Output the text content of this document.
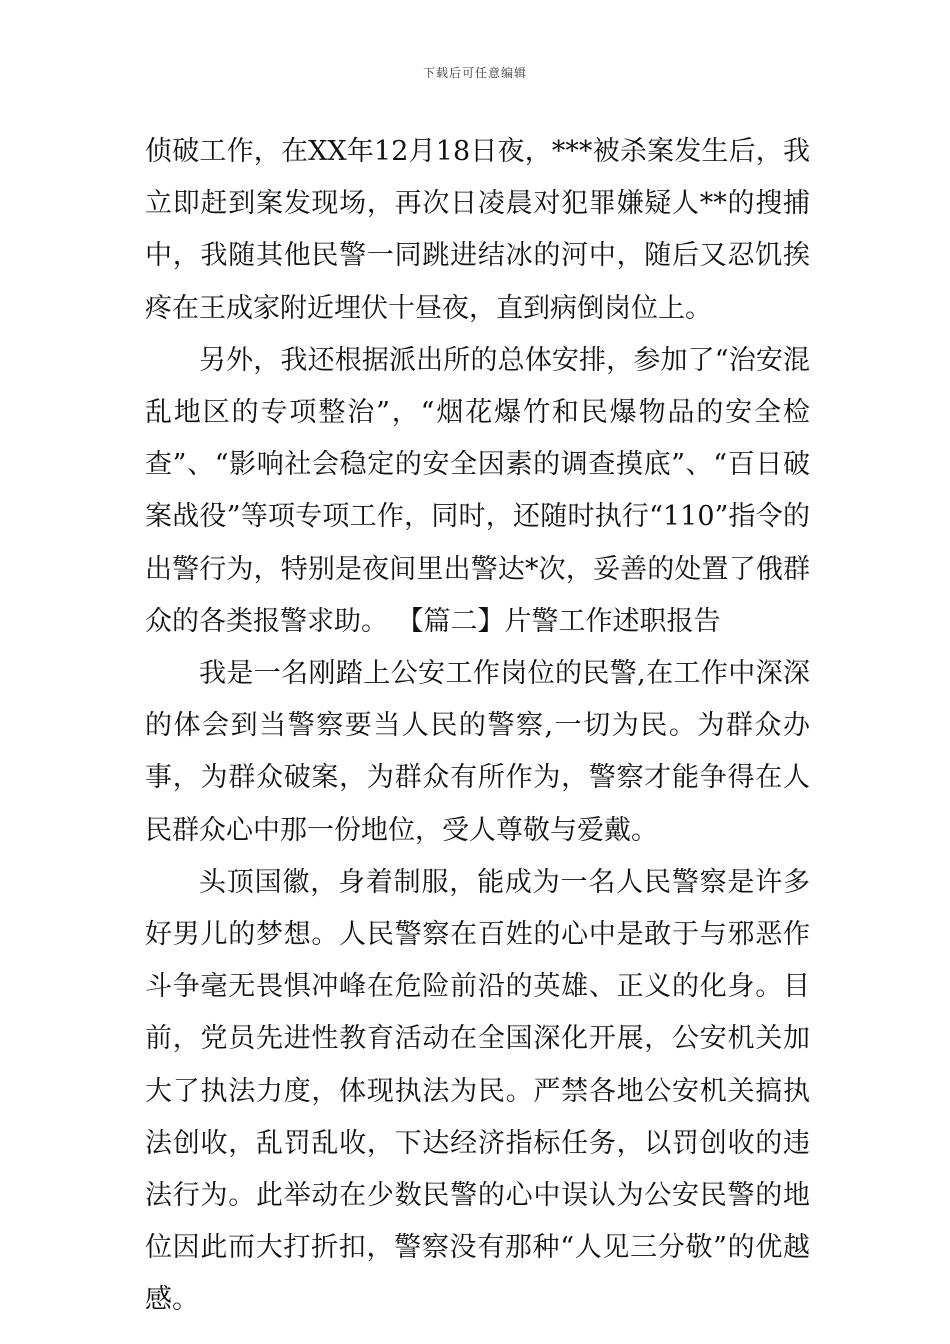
下载后可任意编辑

侦破工作，在XX年12月18日夜，***被杀案发生后，我立即赶到案发现场，再次日凌晨对犯罪嫌疑人**的搜捕中，我随其他民警一同跳进结冰的河中，随后又忍饥挨疼在王成家附近埋伏十昼夜，直到病倒岗位上。

另外，我还根据派出所的总体安排，参加了“治安混乱地区的专项整治”，“烟花爆竹和民爆物品的安全检查”、“影响社会稳定的安全因素的调查摸底”、“百日破案战役”等项专项工作，同时，还随时执行“110”指令的出警行为，特别是夜间里出警达*次，妥善的处置了俄群众的各类报警求助。 【篇二】片警工作述职报告

我是一名刚踏上公安工作岗位的民警,在工作中深深的体会到当警察要当人民的警察,一切为民。为群众办事，为群众破案，为群众有所作为，警察才能争得在人民群众心中那一份地位，受人尊敬与爱戴。

头顶国徽，身着制服，能成为一名人民警察是许多好男儿的梦想。人民警察在百姓的心中是敢于与邪恶作斗争毫无畏惧冲峰在危险前沿的英雄、正义的化身。目前，党员先进性教育活动在全国深化开展，公安机关加大了执法力度，体现执法为民。严禁各地公安机关搞执法创收，乱罚乱收，下达经济指标任务，以罚创收的违法行为。此举动在少数民警的心中误认为公安民警的地位因此而大打折扣，警察没有那种“人见三分敬”的优越感。
